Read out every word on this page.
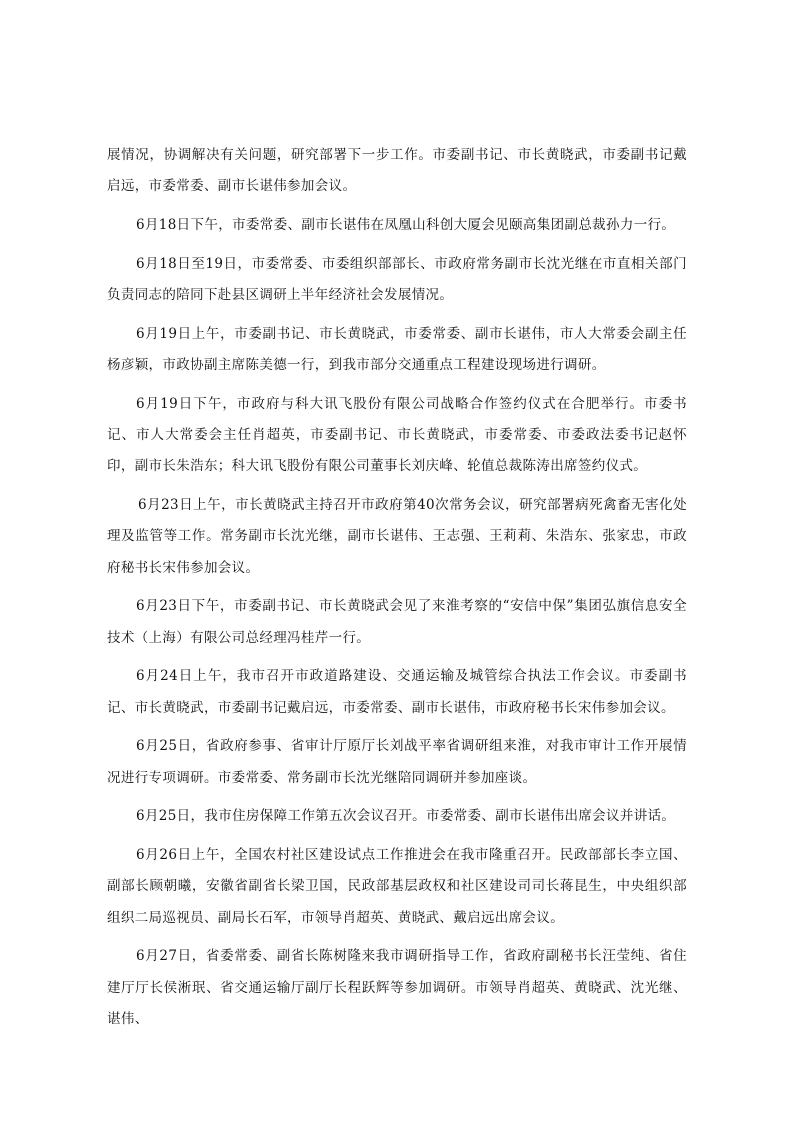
展情况，协调解决有关问题，研究部署下一步工作。市委副书记、市长黄晓武，市委副书记戴启远，市委常委、副市长谌伟参加会议。

6月18日下午，市委常委、副市长谌伟在凤凰山科创大厦会见颐高集团副总裁孙力一行。

6月18日至19日，市委常委、市委组织部部长、市政府常务副市长沈光继在市直相关部门负责同志的陪同下赴县区调研上半年经济社会发展情况。

6月19日上午，市委副书记、市长黄晓武，市委常委、副市长谌伟，市人大常委会副主任杨彦颖，市政协副主席陈美德一行，到我市部分交通重点工程建设现场进行调研。

6月19日下午，市政府与科大讯飞股份有限公司战略合作签约仪式在合肥举行。市委书记、市人大常委会主任肖超英，市委副书记、市长黄晓武，市委常委、市委政法委书记赵怀印，副市长朱浩东；科大讯飞股份有限公司董事长刘庆峰、轮值总裁陈涛出席签约仪式。

6月23日上午，市长黄晓武主持召开市政府第40次常务会议，研究部署病死禽畜无害化处理及监管等工作。常务副市长沈光继，副市长谌伟、王志强、王莉莉、朱浩东、张家忠，市政府秘书长宋伟参加会议。

6月23日下午，市委副书记、市长黄晓武会见了来淮考察的“安信中保”集团弘旗信息安全技术（上海）有限公司总经理冯桂芹一行。

6月24日上午，我市召开市政道路建设、交通运输及城管综合执法工作会议。市委副书记、市长黄晓武，市委副书记戴启远，市委常委、副市长谌伟，市政府秘书长宋伟参加会议。

6月25日，省政府参事、省审计厅原厅长刘战平率省调研组来淮，对我市审计工作开展情况进行专项调研。市委常委、常务副市长沈光继陪同调研并参加座谈。

6月25日，我市住房保障工作第五次会议召开。市委常委、副市长谌伟出席会议并讲话。

6月26日上午，全国农村社区建设试点工作推进会在我市隆重召开。民政部部长李立国、副部长顾朝曦，安徽省副省长梁卫国，民政部基层政权和社区建设司司长蒋昆生，中央组织部组织二局巡视员、副局长石军，市领导肖超英、黄晓武、戴启远出席会议。

6月27日，省委常委、副省长陈树隆来我市调研指导工作，省政府副秘书长汪莹纯、省住建厅厅长侯淅珉、省交通运输厅副厅长程跃辉等参加调研。市领导肖超英、黄晓武、沈光继、谌伟、
